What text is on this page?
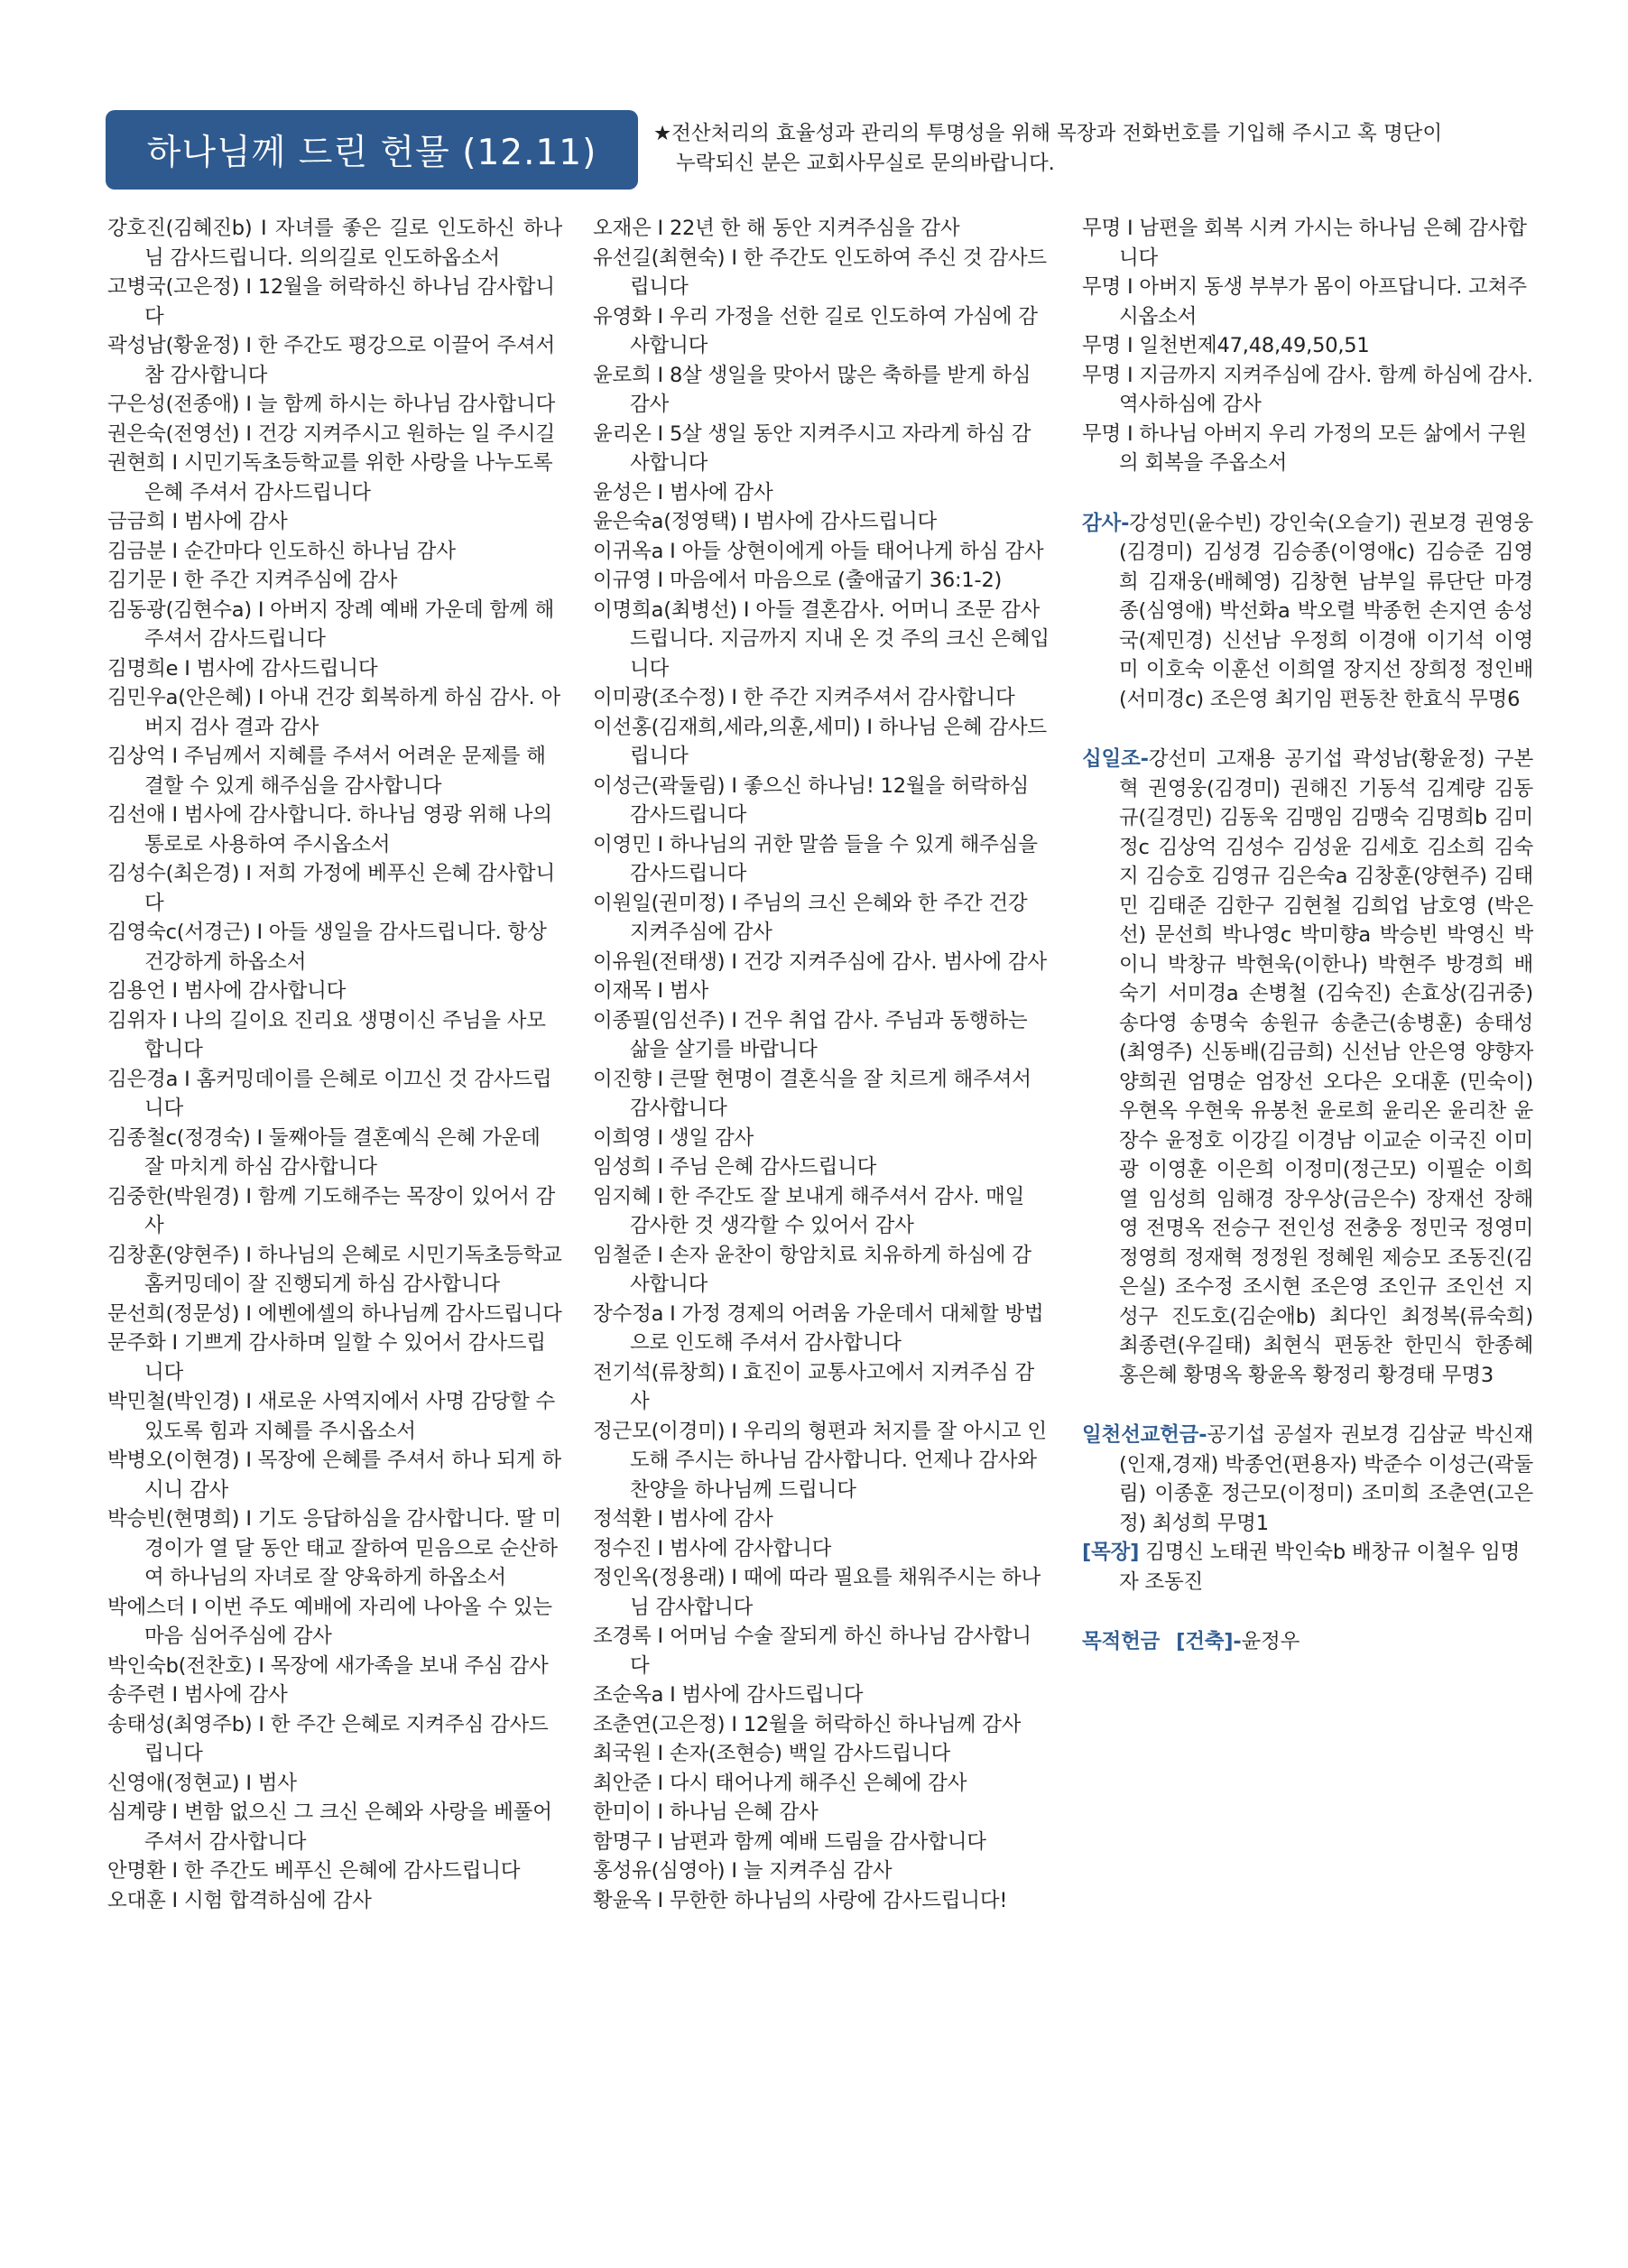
하나님께 드린 헌물 (12.11)	★전산처리의 효율성과 관리의 투명성을 위해 목장과 전화번호를 기입해 주시고 혹 명단이
누락되신 분은 교회사무실로 문의바랍니다.
강호진(김혜진b) I 자녀를 좋은 길로 인도하신 하나님 감사드립니다. 의의길로 인도하옵소서
고병국(고은정) I 12월을 허락하신 하나님 감사합니다
곽성남(황윤정) I 한 주간도 평강으로 이끌어 주셔서 참 감사합니다
구은성(전종애) I 늘 함께 하시는 하나님 감사합니다
권은숙(전영선) I 건강 지켜주시고 원하는 일 주시길
권현희 I 시민기독초등학교를 위한 사랑을 나누도록 은혜 주셔서 감사드립니다
금금희 I 범사에 감사
김금분 I 순간마다 인도하신 하나님 감사
김기문 I 한 주간 지켜주심에 감사
김동광(김현수a) I 아버지 장례 예배 가운데 함께 해주셔서 감사드립니다
김명희e I 범사에 감사드립니다
김민우a(안은혜) I 아내 건강 회복하게 하심 감사. 아버지 검사 결과 감사
김상억 I 주님께서 지혜를 주셔서 어려운 문제를 해결할 수 있게 해주심을 감사합니다
김선애 I 범사에 감사합니다. 하나님 영광 위해 나의 통로로 사용하여 주시옵소서
김성수(최은경) I 저희 가정에 베푸신 은혜 감사합니다
김영숙c(서경근) I 아들 생일을 감사드립니다. 항상 건강하게 하옵소서
김용언 I 범사에 감사합니다
김위자 I 나의 길이요 진리요 생명이신 주님을 사모합니다
김은경a I 홈커밍데이를 은혜로 이끄신 것 감사드립니다
김종철c(정경숙) I 둘째아들 결혼예식 은혜 가운데 잘 마치게 하심 감사합니다
김중한(박원경) I 함께 기도해주는 목장이 있어서 감사
김창훈(양현주) I 하나님의 은혜로 시민기독초등학교 홈커밍데이 잘 진행되게 하심 감사합니다
문선희(정문성) I 에벤에셀의 하나님께 감사드립니다
문주화 I 기쁘게 감사하며 일할 수 있어서 감사드립니다
박민철(박인경) I 새로운 사역지에서 사명 감당할 수 있도록 힘과 지혜를 주시옵소서
박병오(이현경) I 목장에 은혜를 주셔서 하나 되게 하시니 감사
박승빈(현명희) I 기도 응답하심을 감사합니다. 딸 미경이가 열 달 동안 태교 잘하여 믿음으로 순산하여 하나님의 자녀로 잘 양육하게 하옵소서
박에스더 I 이번 주도 예배에 자리에 나아올 수 있는 마음 심어주심에 감사
박인숙b(전찬호) I 목장에 새가족을 보내 주심 감사
송주련 I 범사에 감사
송태성(최영주b) I 한 주간 은혜로 지켜주심 감사드립니다
신영애(정현교) I 범사
심계량 I 변함 없으신 그 크신 은혜와 사랑을 베풀어 주셔서 감사합니다
안명환 I 한 주간도 베푸신 은혜에 감사드립니다
오대훈 I 시험 합격하심에 감사
오재은 I 22년 한 해 동안 지켜주심을 감사
유선길(최현숙) I 한 주간도 인도하여 주신 것 감사드립니다
유영화 I 우리 가정을 선한 길로 인도하여 가심에 감사합니다
윤로희 I 8살 생일을 맞아서 많은 축하를 받게 하심 감사
윤리온 I 5살 생일 동안 지켜주시고 자라게 하심 감사합니다
윤성은 I 범사에 감사
윤은숙a(정영택) I 범사에 감사드립니다
이귀옥a I 아들 상현이에게 아들 태어나게 하심 감사
이규영 I 마음에서 마음으로 (출애굽기 36:1-2)
이명희a(최병선) I 아들 결혼감사. 어머니 조문 감사드립니다. 지금까지 지내 온 것 주의 크신 은혜입니다
이미광(조수정) I 한 주간 지켜주셔서 감사합니다
이선홍(김재희,세라,의훈,세미) I 하나님 은혜 감사드립니다
이성근(곽둘림) I 좋으신 하나님! 12월을 허락하심 감사드립니다
이영민 I 하나님의 귀한 말씀 들을 수 있게 해주심을 감사드립니다
이원일(권미정) I 주님의 크신 은혜와 한 주간 건강 지켜주심에 감사
이유원(전태생) I 건강 지켜주심에 감사. 범사에 감사
이재목 I 범사
이종필(임선주) I 건우 취업 감사. 주님과 동행하는 삶을 살기를 바랍니다
이진향 I 큰딸 현명이 결혼식을 잘 치르게 해주셔서 감사합니다
이희영 I 생일 감사
임성희 I 주님 은혜 감사드립니다
임지혜 I 한 주간도 잘 보내게 해주셔서 감사. 매일 감사한 것 생각할 수 있어서 감사
임철준 I 손자 윤찬이 항암치료 치유하게 하심에 감사합니다
장수정a I 가정 경제의 어려움 가운데서 대체할 방법으로 인도해 주셔서 감사합니다
전기석(류창희) I 효진이 교통사고에서 지켜주심 감사
정근모(이경미) I 우리의 형편과 처지를 잘 아시고 인도해 주시는 하나님 감사합니다. 언제나 감사와 찬양을 하나님께 드립니다
정석환 I 범사에 감사
정수진 I 범사에 감사합니다
정인옥(정용래) I 때에 따라 필요를 채워주시는 하나님 감사합니다
조경록 I 어머님 수술 잘되게 하신 하나님 감사합니다
조순옥a I 범사에 감사드립니다
조춘연(고은정) I 12월을 허락하신 하나님께 감사
최국원 I 손자(조현승) 백일 감사드립니다
최안준 I 다시 태어나게 해주신 은혜에 감사
한미이 I 하나님 은혜 감사
함명구 I 남편과 함께 예배 드림을 감사합니다
홍성유(심영아) I 늘 지켜주심 감사
황윤옥 I 무한한 하나님의 사랑에 감사드립니다!
무명 I 남편을 회복 시켜 가시는 하나님 은혜 감사합니다
무명 I 아버지 동생 부부가 몸이 아프답니다. 고쳐주시옵소서
무명 I 일천번제47,48,49,50,51
무명 I 지금까지 지켜주심에 감사. 함께 하심에 감사. 역사하심에 감사
무명 I 하나님 아버지 우리 가정의 모든 삶에서 구원의 회복을 주옵소서
감사-강성민(윤수빈) 강인숙(오슬기) 권보경 권영웅(김경미) 김성경 김승종(이영애c) 김승준 김영희 김재웅(배혜영) 김창현 남부일 류단단 마경종(심영애) 박선화a 박오렬 박종헌 손지연 송성국(제민경) 신선남 우정희 이경애 이기석 이영미 이호숙 이훈선 이희열 장지선 장희정 정인배(서미경c) 조은영 최기임 편동찬 한효식 무명6
십일조-강선미 고재용 공기섭 곽성남(황윤정) 구본혁 권영웅(김경미) 권해진 기동석 김계량 김동규(길경민) 김동욱 김맹임 김맹숙 김명희b 김미정c 김상억 김성수 김성윤 김세호 김소희 김숙지 김승호 김영규 김은숙a 김창훈(양현주) 김태민 김태준 김한구 김현철 김희업 남호영 (박은선) 문선희 박나영c 박미향a 박승빈 박영신 박이니 박창규 박현욱(이한나) 박현주 방경희 배숙기 서미경a 손병철 (김숙진) 손효상(김귀중) 송다영 송명숙 송원규 송춘근(송병훈) 송태성(최영주) 신동배(김금희) 신선남 안은영 양향자 양희권 엄명순 엄장선 오다은 오대훈 (민숙이) 우현옥 우현욱 유봉천 윤로희 윤리온 윤리찬 윤장수 윤정호 이강길 이경남 이교순 이국진 이미광 이영훈 이은희 이정미(정근모) 이필순 이희열 임성희 임해경 장우상(금은수) 장재선 장해영 전명옥 전승구 전인성 전충웅 정민국 정영미 정영희 정재혁 정정원 정혜원 제승모 조동진(김은실) 조수정 조시현 조은영 조인규 조인선 지성구 진도호(김순애b) 최다인 최정복(류숙희) 최종련(우길태) 최현식 편동찬 한민식 한종혜 홍은혜 황명옥 황윤옥 황정리 황경태 무명3
일천선교헌금-공기섭 공설자 권보경 김삼균 박신재(인재,경재) 박종언(편용자) 박준수 이성근(곽둘림) 이종훈 정근모(이정미) 조미희 조춘연(고은정) 최성희 무명1
[목장] 김명신 노태권 박인숙b 배창규 이철우 임명자 조동진
목적헌금 [건축]-윤정우
